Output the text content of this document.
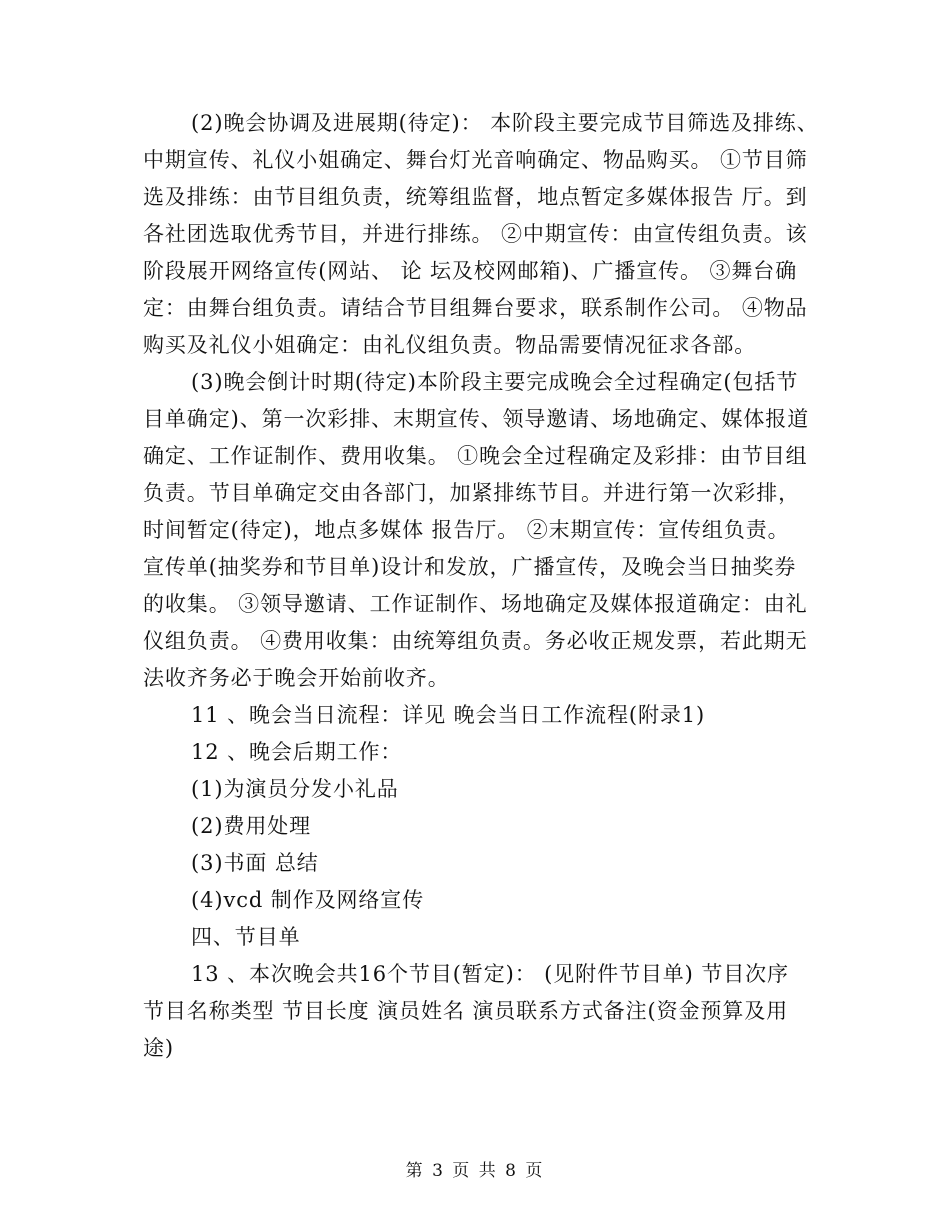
(2)晚会协调及进展期(待定)： 本阶段主要完成节目筛选及排练、
中期宣传、礼仪小姐确定、舞台灯光音响确定、物品购买。 ①节目筛
选及排练：由节目组负责，统筹组监督，地点暂定多媒体报告 厅。到
各社团选取优秀节目，并进行排练。 ②中期宣传：由宣传组负责。该
阶段展开网络宣传(网站、 论 坛及校网邮箱)、广播宣传。 ③舞台确
定：由舞台组负责。请结合节目组舞台要求，联系制作公司。 ④物品
购买及礼仪小姐确定：由礼仪组负责。物品需要情况征求各部。
(3)晚会倒计时期(待定)本阶段主要完成晚会全过程确定(包括节
目单确定)、第一次彩排、末期宣传、领导邀请、场地确定、媒体报道
确定、工作证制作、费用收集。 ①晚会全过程确定及彩排：由节目组
负责。节目单确定交由各部门，加紧排练节目。并进行第一次彩排，
时间暂定(待定)，地点多媒体 报告厅。 ②末期宣传：宣传组负责。
宣传单(抽奖券和节目单)设计和发放，广播宣传，及晚会当日抽奖券
的收集。 ③领导邀请、工作证制作、场地确定及媒体报道确定：由礼
仪组负责。 ④费用收集：由统筹组负责。务必收正规发票，若此期无
法收齐务必于晚会开始前收齐。
11 、晚会当日流程：详见 晚会当日工作流程(附录1)
12 、晚会后期工作：
(1)为演员分发小礼品
(2)费用处理
(3)书面 总结
(4)vcd 制作及网络宣传
四、节目单
13 、本次晚会共16个节目(暂定)： (见附件节目单) 节目次序
节目名称类型 节目长度 演员姓名 演员联系方式备注(资金预算及用
途)
第 3 页 共 8 页
